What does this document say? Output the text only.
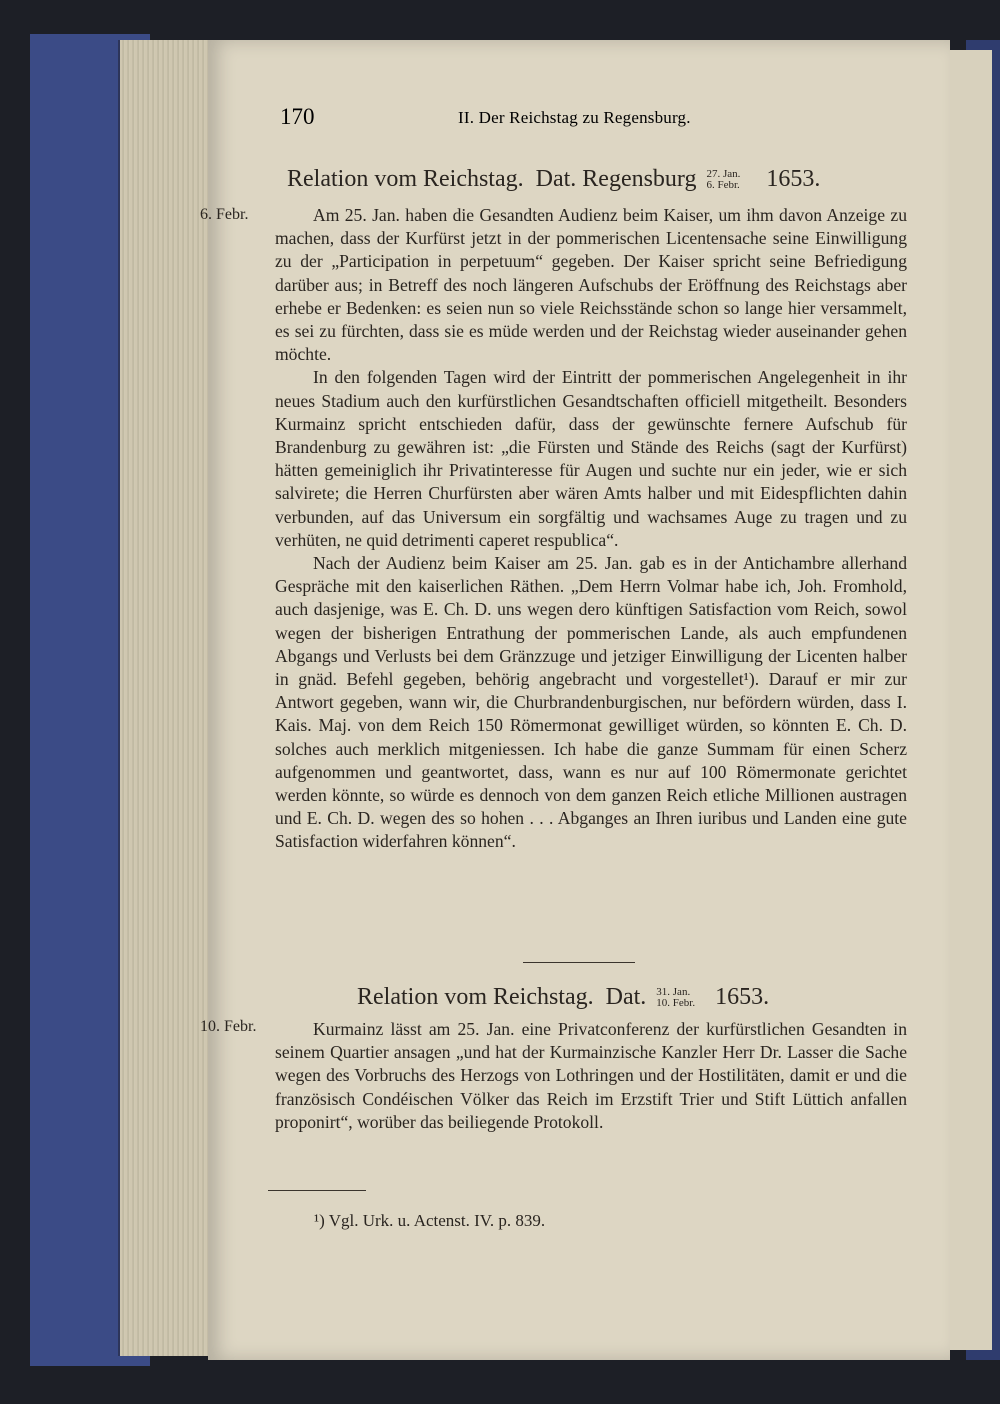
170	II. Der Reichstag zu Regensburg.
Relation vom Reichstag.  Dat. Regensburg 27. Jan.
6. Febr. 1653.
6. Febr.	Am 25. Jan. haben die Gesandten Audienz beim Kaiser, um ihm davon Anzeige zu machen, dass der Kurfürst jetzt in der pommerischen Licentensache seine Einwilligung zu der „Participation in perpetuum“ gegeben. Der Kaiser spricht seine Befriedigung darüber aus; in Betreff des noch längeren Aufschubs der Eröffnung des Reichstags aber erhebe er Bedenken: es seien nun so viele Reichsstände schon so lange hier versammelt, es sei zu fürchten, dass sie es müde werden und der Reichstag wieder auseinander gehen möchte.

In den folgenden Tagen wird der Eintritt der pommerischen Angelegenheit in ihr neues Stadium auch den kurfürstlichen Gesandtschaften officiell mitgetheilt. Besonders Kurmainz spricht entschieden dafür, dass der gewünschte fernere Aufschub für Brandenburg zu gewähren ist: „die Fürsten und Stände des Reichs (sagt der Kurfürst) hätten gemeiniglich ihr Privatinteresse für Augen und suchte nur ein jeder, wie er sich salvirete; die Herren Churfürsten aber wären Amts halber und mit Eidespflichten dahin verbunden, auf das Universum ein sorgfältig und wachsames Auge zu tragen und zu verhüten, ne quid detrimenti caperet respublica“.

Nach der Audienz beim Kaiser am 25. Jan. gab es in der Antichambre allerhand Gespräche mit den kaiserlichen Räthen. „Dem Herrn Volmar habe ich, Joh. Fromhold, auch dasjenige, was E. Ch. D. uns wegen dero künftigen Satisfaction vom Reich, sowol wegen der bisherigen Entrathung der pommerischen Lande, als auch empfundenen Abgangs und Verlusts bei dem Gränzzuge und jetziger Einwilligung der Licenten halber in gnäd. Befehl gegeben, behörig angebracht und vorgestellet¹). Darauf er mir zur Antwort gegeben, wann wir, die Churbrandenburgischen, nur befördern würden, dass I. Kais. Maj. von dem Reich 150 Römermonat gewilliget würden, so könnten E. Ch. D. solches auch merklich mitgeniessen. Ich habe die ganze Summam für einen Scherz aufgenommen und geantwortet, dass, wann es nur auf 100 Römermonate gerichtet werden könnte, so würde es dennoch von dem ganzen Reich etliche Millionen austragen und E. Ch. D. wegen des so hohen . . . Abganges an Ihren iuribus und Landen eine gute Satisfaction widerfahren können“.

Relation vom Reichstag.  Dat. 31. Jan.
10. Febr. 1653.
10. Febr.	Kurmainz lässt am 25. Jan. eine Privatconferenz der kurfürstlichen Gesandten in seinem Quartier ansagen „und hat der Kurmainzische Kanzler Herr Dr. Lasser die Sache wegen des Vorbruchs des Herzogs von Lothringen und der Hostilitäten, damit er und die französisch Condéischen Völker das Reich im Erzstift Trier und Stift Lüttich anfallen proponirt“, worüber das beiliegende Protokoll.

¹) Vgl. Urk. u. Actenst. IV. p. 839.
